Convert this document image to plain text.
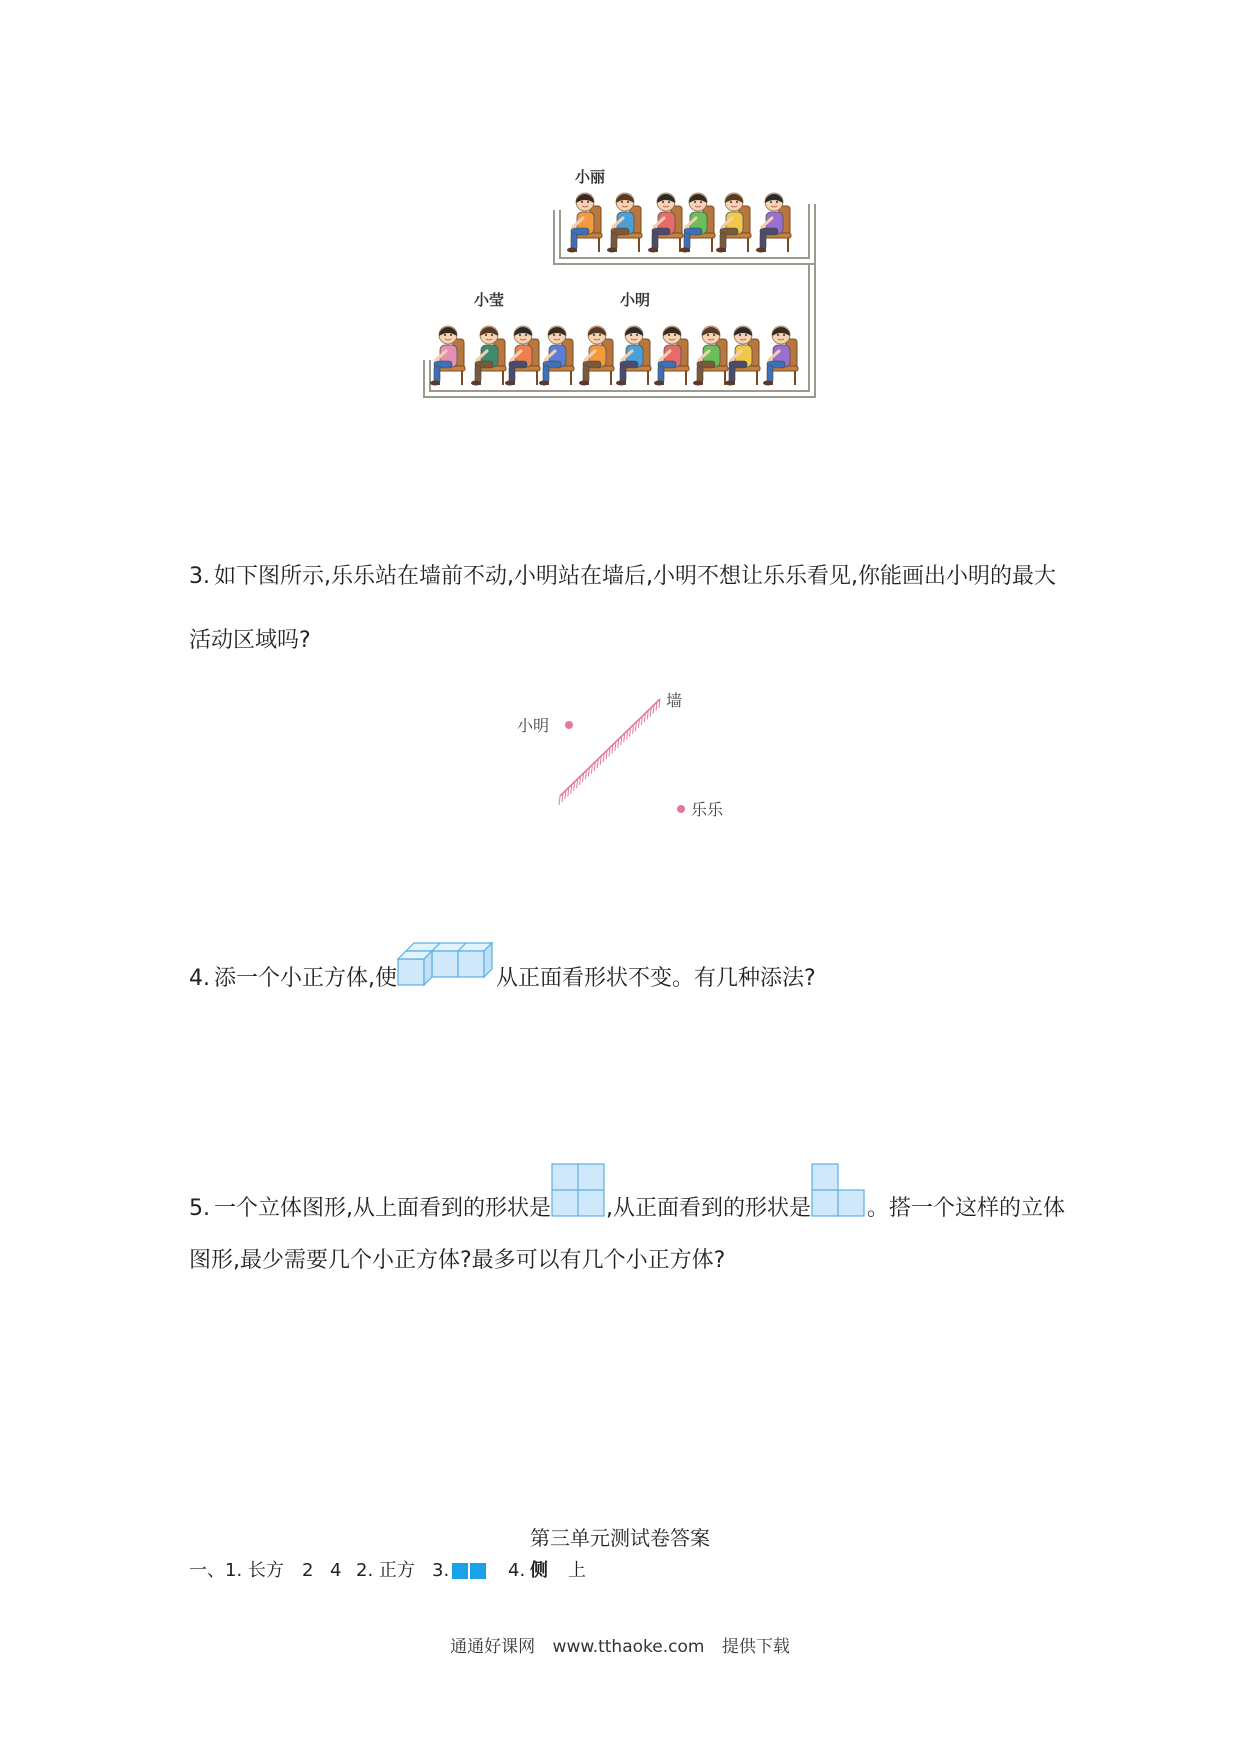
小丽
小莹	小明
3. 如下图所示,乐乐站在墙前不动,小明站在墙后,小明不想让乐乐看见,你能画出小明的最大
活动区域吗?
小明
墙
乐乐
4. 添一个小正方体,使	从正面看形状不变。有几种添法?
5. 一个立体图形,从上面看到的形状是	,从正面看到的形状是	。搭一个这样的立体
图形,最少需要几个小正方体?最多可以有几个小正方体?
第三单元测试卷答案
一、1. 长方 2 4 2. 正方 3.	4. 侧 上
通通好课网 www.tthaoke.com 提供下载
